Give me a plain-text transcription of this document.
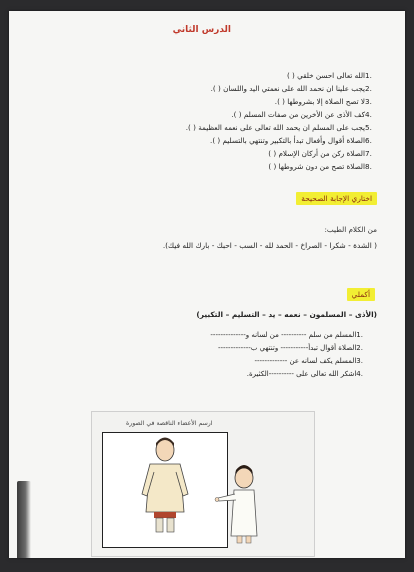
الدرس الثاني
.1الله تعالى احسن خلقي ( )
.2يجب علينا ان نحمد الله على نعمتي اليد واللسان ( ).
.3لا تصح الصلاة إلا بشروطها ( ).
.4كف الأذى عن الأخرين من صفات المسلم ( ).
.5يجب على المسلم ان يحمد الله تعالى على نعمه العظيمة ( ).
.6الصلاة أقوال وأفعال تبدأ بالتكبير وتنتهي بالتسليم ( ).
.7الصلاة ركن من أركان الإسلام ( )
.8الصلاة تصح من دون شروطها ( )
اختاري الإجابة الصحيحة
من الكلام الطيب:
( الشدة - شكرا - الصراخ - الحمد لله - السب - احبك - بارك الله فيك).
أكملي
(الأذى – المسلمون – نعمه – يد – التسليم – التكبير)
.1المسلم من سلم ---------- من لسانه و--------------
.2الصلاة أقوال تبدأ----------- وتنتهي ب-------------
.3المسلم يكف لسانه عن -------------
.4اشكر الله تعالى على ----------الكثيرة.
ارسم الأعضاء الناقصة في الصورة
